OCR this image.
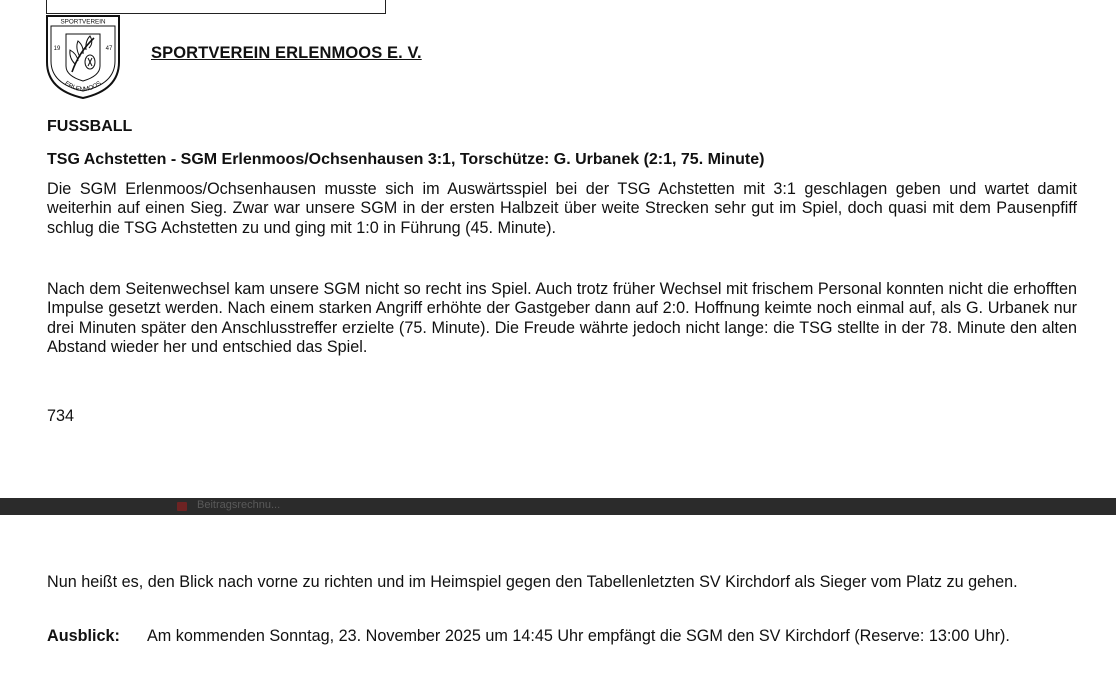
SPORTVEREIN
19	47
ERLENMOOS
SPORTVEREIN ERLENMOOS E. V.
FUSSBALL
TSG Achstetten - SGM Erlenmoos/Ochsenhausen 3:1, Torschütze: G. Urbanek (2:1, 75. Minute)
Die SGM Erlenmoos/Ochsenhausen musste sich im Auswärtsspiel bei der TSG Achstetten mit 3:1 geschlagen geben und wartet damit weiterhin auf einen Sieg. Zwar war unsere SGM in der ersten Halbzeit über weite Strecken sehr gut im Spiel, doch quasi mit dem Pausenpfiff schlug die TSG Achstetten zu und ging mit 1:0 in Führung (45. Minute).
Nach dem Seitenwechsel kam unsere SGM nicht so recht ins Spiel. Auch trotz früher Wechsel mit frischem Personal konnten nicht die erhofften Impulse gesetzt werden. Nach einem starken Angriff erhöhte der Gastgeber dann auf 2:0. Hoffnung keimte noch einmal auf, als G. Urbanek nur drei Minuten später den Anschlusstreffer erzielte (75. Minute). Die Freude währte jedoch nicht lange: die TSG stellte in der 78. Minute den alten Abstand wieder her und entschied das Spiel.
734
Beitragsrechnu...
Nun heißt es, den Blick nach vorne zu richten und im Heimspiel gegen den Tabellenletzten SV Kirchdorf als Sieger vom Platz zu gehen.
Ausblick: Am kommenden Sonntag, 23. November 2025 um 14:45 Uhr empfängt die SGM den SV Kirchdorf (Reserve: 13:00 Uhr).
